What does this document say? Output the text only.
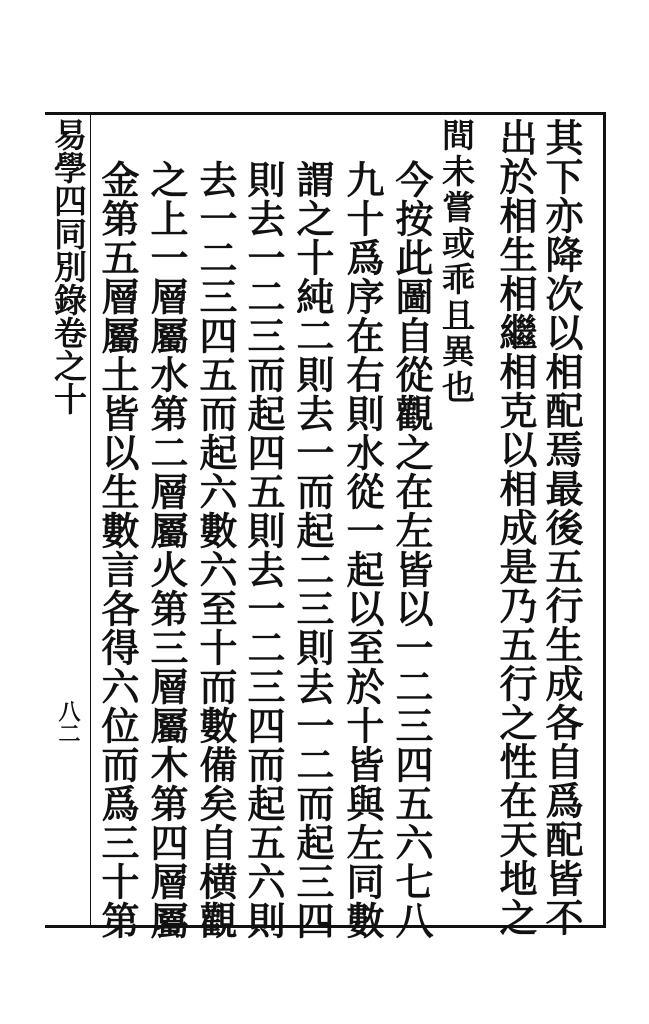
易學四同別錄卷之十
八二	其下亦降次以相配焉最後五行生成各自爲配皆不
出於相生相繼相克以相成是乃五行之性在天地之
間未嘗或乖且異也
今按此圖自從觀之在左皆以一二三四五六七八
九十爲序在右則水從一起以至於十皆與左同數
謂之十純二則去一而起二三則去一二而起三四
則去一二三而起四五則去一二三四而起五六則
去一二三四五而起六數六至十而數備矣自横觀
之上一層屬水第二層屬火第三層屬木第四層屬
金第五層屬土皆以生數言各得六位而爲三十第
